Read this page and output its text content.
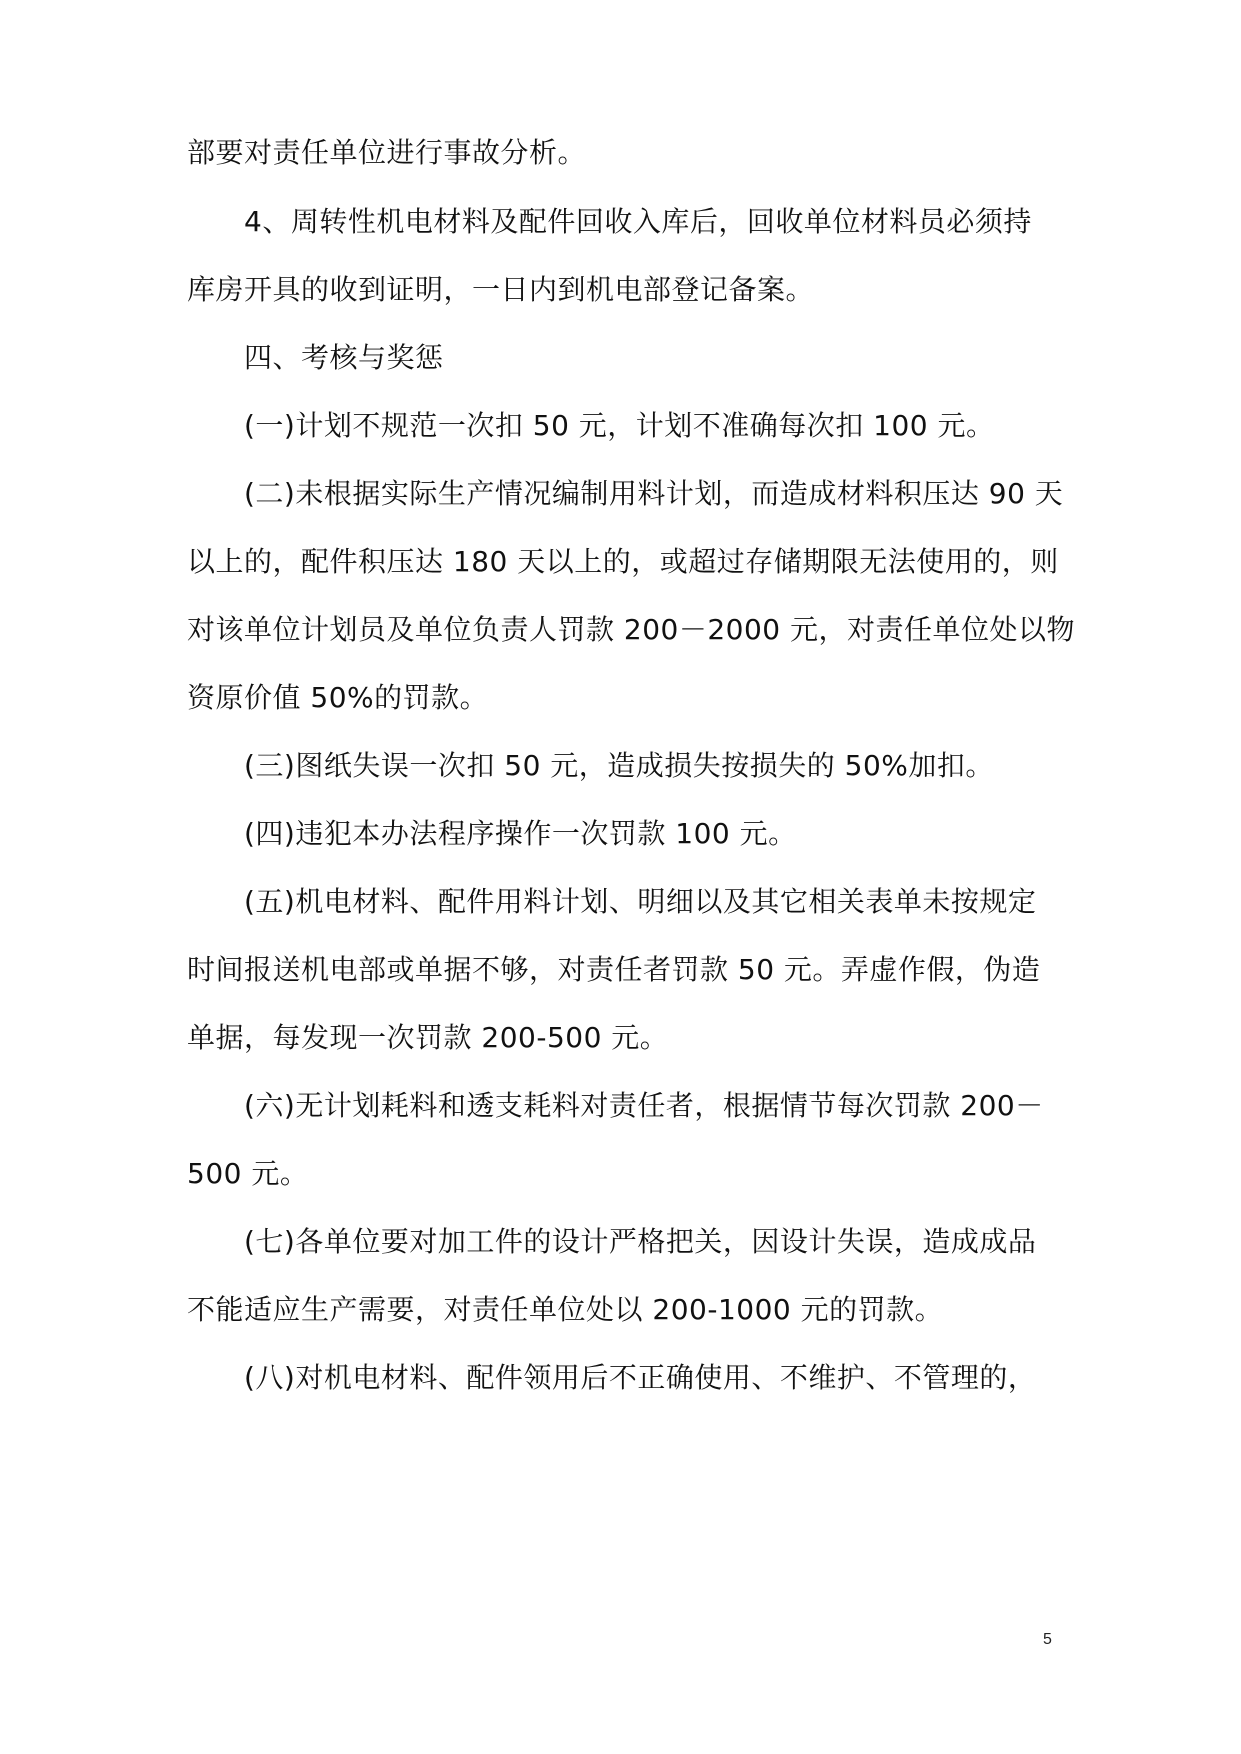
部要对责任单位进行事故分析。
4、周转性机电材料及配件回收入库后，回收单位材料员必须持
库房开具的收到证明，一日内到机电部登记备案。
四、考核与奖惩
(一)计划不规范一次扣 50 元，计划不准确每次扣 100 元。
(二)未根据实际生产情况编制用料计划，而造成材料积压达 90 天
以上的，配件积压达 180 天以上的，或超过存储期限无法使用的，则
对该单位计划员及单位负责人罚款 200－2000 元，对责任单位处以物
资原价值 50%的罚款。
(三)图纸失误一次扣 50 元，造成损失按损失的 50%加扣。
(四)违犯本办法程序操作一次罚款 100 元。
(五)机电材料、配件用料计划、明细以及其它相关表单未按规定
时间报送机电部或单据不够，对责任者罚款 50 元。弄虚作假，伪造
单据，每发现一次罚款 200-500 元。
(六)无计划耗料和透支耗料对责任者，根据情节每次罚款 200－
500 元。
(七)各单位要对加工件的设计严格把关，因设计失误，造成成品
不能适应生产需要，对责任单位处以 200-1000 元的罚款。
(八)对机电材料、配件领用后不正确使用、不维护、不管理的，
5
